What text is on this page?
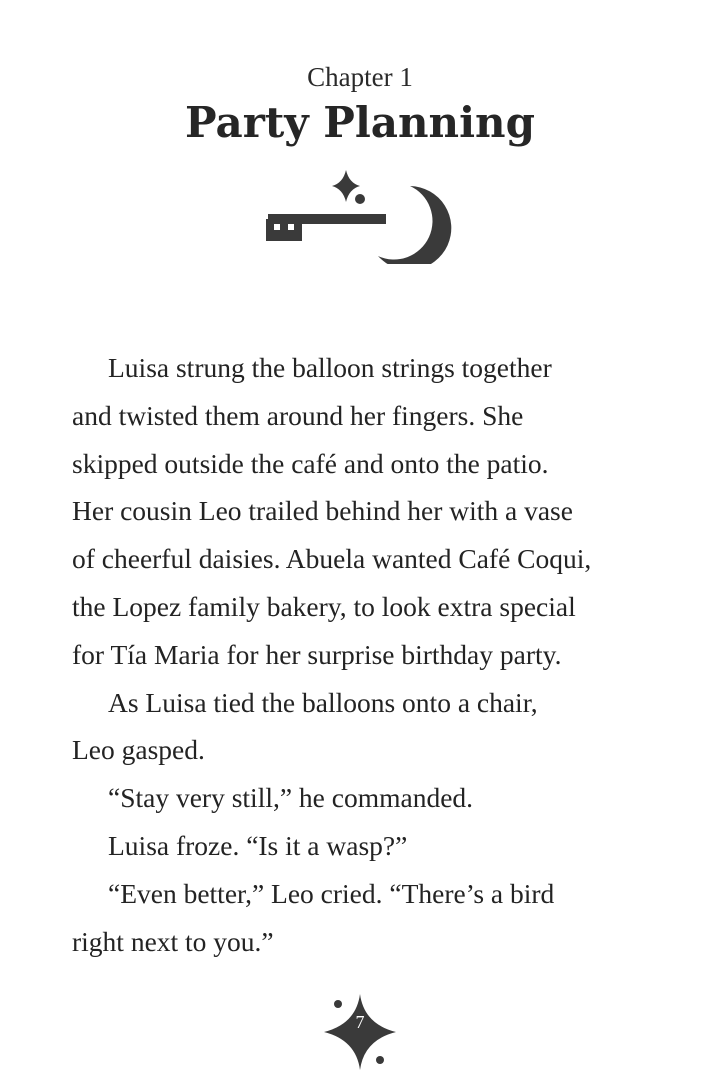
Chapter 1
Party Planning

Luisa strung the balloon strings together
and twisted them around her fingers. She
skipped outside the café and onto the patio.
Her cousin Leo trailed behind her with a vase
of cheerful daisies. Abuela wanted Café Coqui,
the Lopez family bakery, to look extra special
for Tía Maria for her surprise birthday party.

As Luisa tied the balloons onto a chair,
Leo gasped.

“Stay very still,” he commanded.

Luisa froze. “Is it a wasp?”

“Even better,” Leo cried. “There’s a bird
right next to you.”

7
